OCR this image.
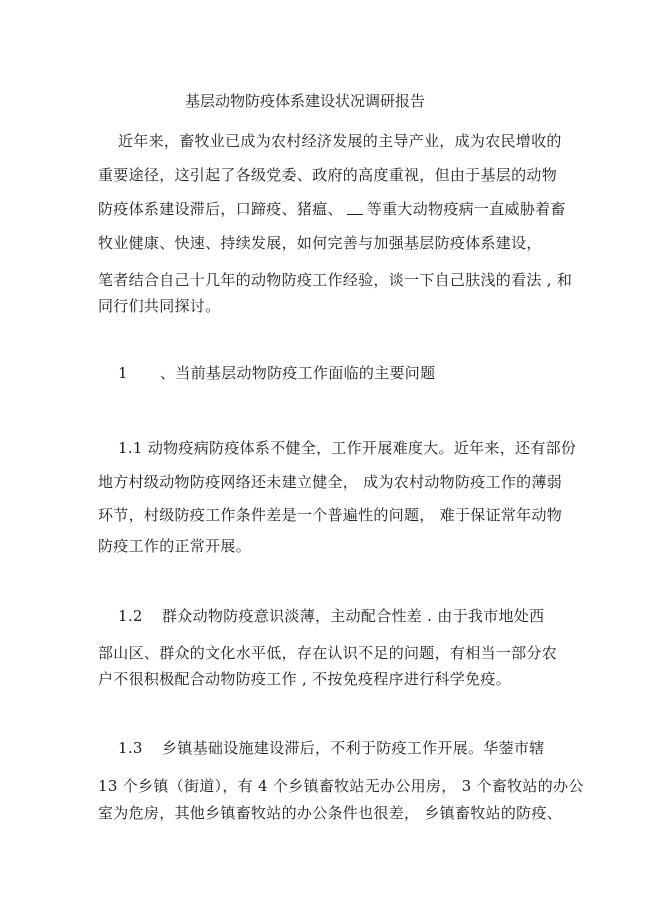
基层动物防疫体系建设状况调研报告
近年来，畜牧业已成为农村经济发展的主导产业，成为农民增收的
重要途径，这引起了各级党委、政府的高度重视，但由于基层的动物
防疫体系建设滞后，口蹄疫、猪瘟、 等重大动物疫病一直威胁着畜
牧业健康、快速、持续发展，如何完善与加强基层防疫体系建设，
笔者结合自己十几年的动物防疫工作经验，谈一下自己肤浅的看法 , 和
同行们共同探讨。
1 、当前基层动物防疫工作面临的主要问题
1.1 动物疫病防疫体系不健全，工作开展难度大。近年来，还有部份
地方村级动物防疫网络还未建立健全， 成为农村动物防疫工作的薄弱
环节，村级防疫工作条件差是一个普遍性的问题， 难于保证常年动物
防疫工作的正常开展。
1.2 群众动物防疫意识淡薄，主动配合性差 . 由于我市地处西
部山区、群众的文化水平低，存在认识不足的问题，有相当一部分农
户不很积极配合动物防疫工作 , 不按免疫程序进行科学免疫。
1.3 乡镇基础设施建设滞后，不利于防疫工作开展。华蓥市辖
13 个乡镇（街道），有 4 个乡镇畜牧站无办公用房， 3 个畜牧站的办公
室为危房，其他乡镇畜牧站的办公条件也很差， 乡镇畜牧站的防疫、
